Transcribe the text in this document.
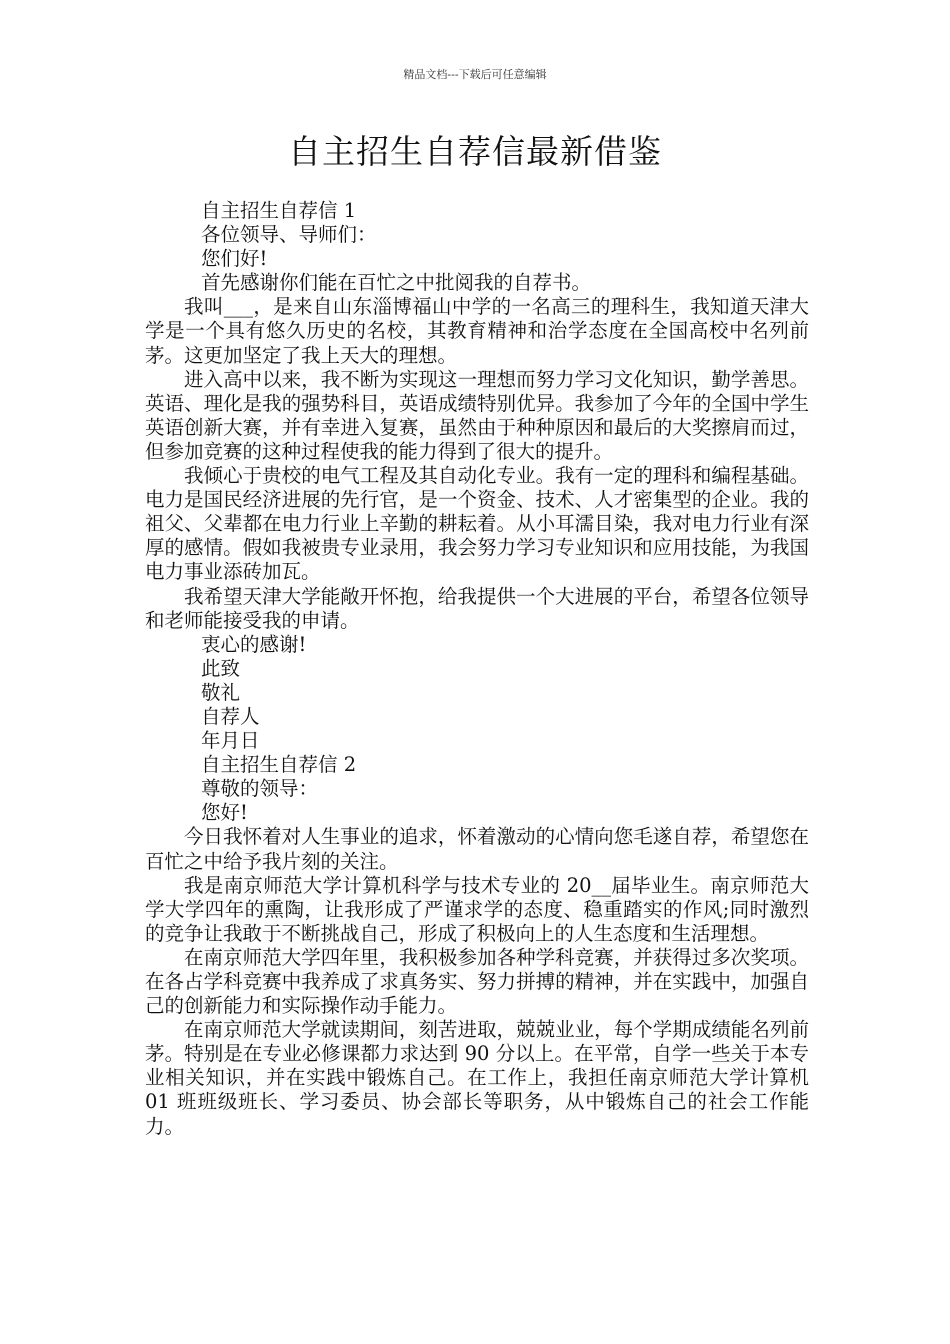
精品文档---下载后可任意编辑
自主招生自荐信最新借鉴

自主招生自荐信 1

各位领导、导师们：

您们好!

首先感谢你们能在百忙之中批阅我的自荐书。

我叫___，是来自山东淄博福山中学的一名高三的理科生，我知道天津大学是一个具有悠久历史的名校，其教育精神和治学态度在全国高校中名列前茅。这更加坚定了我上天大的理想。

进入高中以来，我不断为实现这一理想而努力学习文化知识，勤学善思。英语、理化是我的强势科目，英语成绩特别优异。我参加了今年的全国中学生英语创新大赛，并有幸进入复赛，虽然由于种种原因和最后的大奖擦肩而过，但参加竞赛的这种过程使我的能力得到了很大的提升。

我倾心于贵校的电气工程及其自动化专业。我有一定的理科和编程基础。电力是国民经济进展的先行官，是一个资金、技术、人才密集型的企业。我的祖父、父辈都在电力行业上辛勤的耕耘着。从小耳濡目染，我对电力行业有深厚的感情。假如我被贵专业录用，我会努力学习专业知识和应用技能，为我国电力事业添砖加瓦。

我希望天津大学能敞开怀抱，给我提供一个大进展的平台，希望各位领导和老师能接受我的申请。

衷心的感谢!

此致

敬礼

自荐人

年月日

自主招生自荐信 2

尊敬的领导：

您好!

今日我怀着对人生事业的追求，怀着激动的心情向您毛遂自荐，希望您在百忙之中给予我片刻的关注。

我是南京师范大学计算机科学与技术专业的 20__届毕业生。南京师范大学大学四年的熏陶，让我形成了严谨求学的态度、稳重踏实的作风;同时激烈的竞争让我敢于不断挑战自己，形成了积极向上的人生态度和生活理想。

在南京师范大学四年里，我积极参加各种学科竞赛，并获得过多次奖项。在各占学科竞赛中我养成了求真务实、努力拼搏的精神，并在实践中，加强自己的创新能力和实际操作动手能力。

在南京师范大学就读期间，刻苦进取，兢兢业业，每个学期成绩能名列前茅。特别是在专业必修课都力求达到 90 分以上。在平常，自学一些关于本专业相关知识，并在实践中锻炼自己。在工作上，我担任南京师范大学计算机 01 班班级班长、学习委员、协会部长等职务，从中锻炼自己的社会工作能力。
